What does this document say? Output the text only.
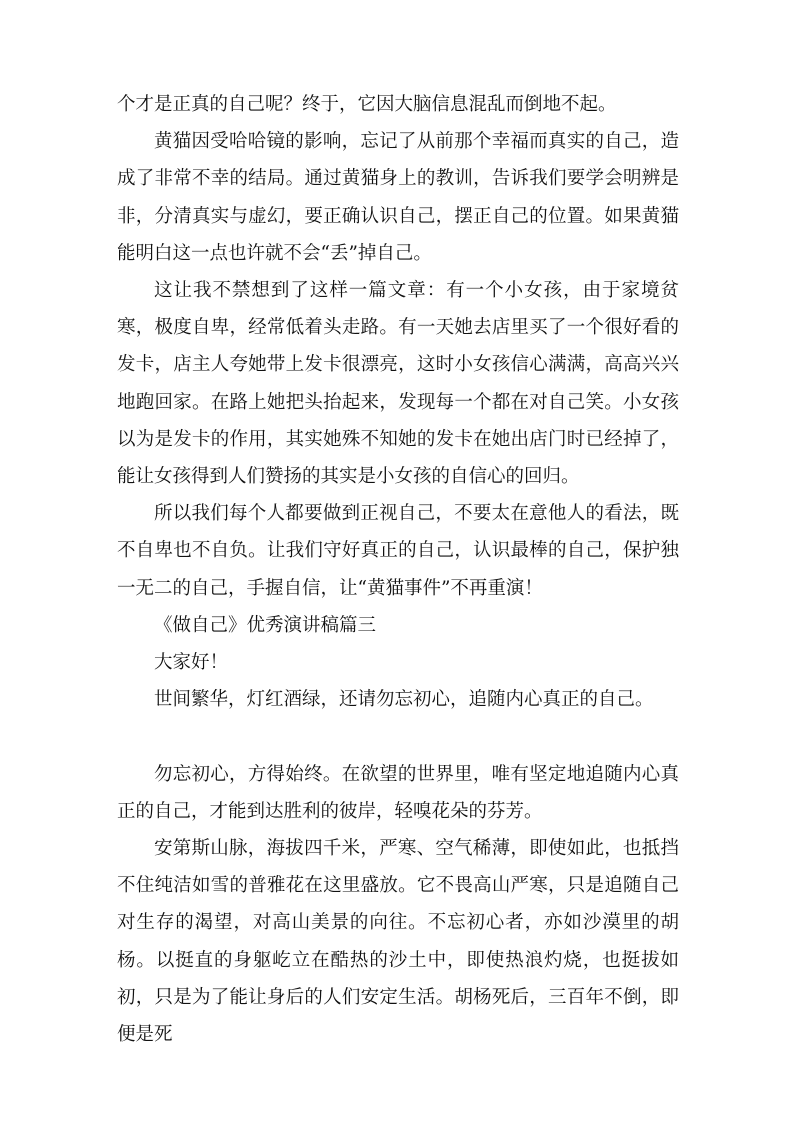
个才是正真的自己呢？终于，它因大脑信息混乱而倒地不起。

黄猫因受哈哈镜的影响，忘记了从前那个幸福而真实的自己，造成了非常不幸的结局。通过黄猫身上的教训，告诉我们要学会明辨是非，分清真实与虚幻，要正确认识自己，摆正自己的位置。如果黄猫能明白这一点也许就不会“丢”掉自己。

这让我不禁想到了这样一篇文章：有一个小女孩，由于家境贫寒，极度自卑，经常低着头走路。有一天她去店里买了一个很好看的发卡，店主人夸她带上发卡很漂亮，这时小女孩信心满满，高高兴兴地跑回家。在路上她把头抬起来，发现每一个都在对自己笑。小女孩以为是发卡的作用，其实她殊不知她的发卡在她出店门时已经掉了，能让女孩得到人们赞扬的其实是小女孩的自信心的回归。

所以我们每个人都要做到正视自己，不要太在意他人的看法，既不自卑也不自负。让我们守好真正的自己，认识最棒的自己，保护独一无二的自己，手握自信，让“黄猫事件”不再重演！

《做自己》优秀演讲稿篇三

大家好！

世间繁华，灯红酒绿，还请勿忘初心，追随内心真正的自己。

勿忘初心，方得始终。在欲望的世界里，唯有坚定地追随内心真正的自己，才能到达胜利的彼岸，轻嗅花朵的芬芳。

安第斯山脉，海拔四千米，严寒、空气稀薄，即使如此，也抵挡不住纯洁如雪的普雅花在这里盛放。它不畏高山严寒，只是追随自己对生存的渴望，对高山美景的向往。不忘初心者，亦如沙漠里的胡杨。以挺直的身躯屹立在酷热的沙土中，即使热浪灼烧，也挺拔如初，只是为了能让身后的人们安定生活。胡杨死后，三百年不倒，即便是死
